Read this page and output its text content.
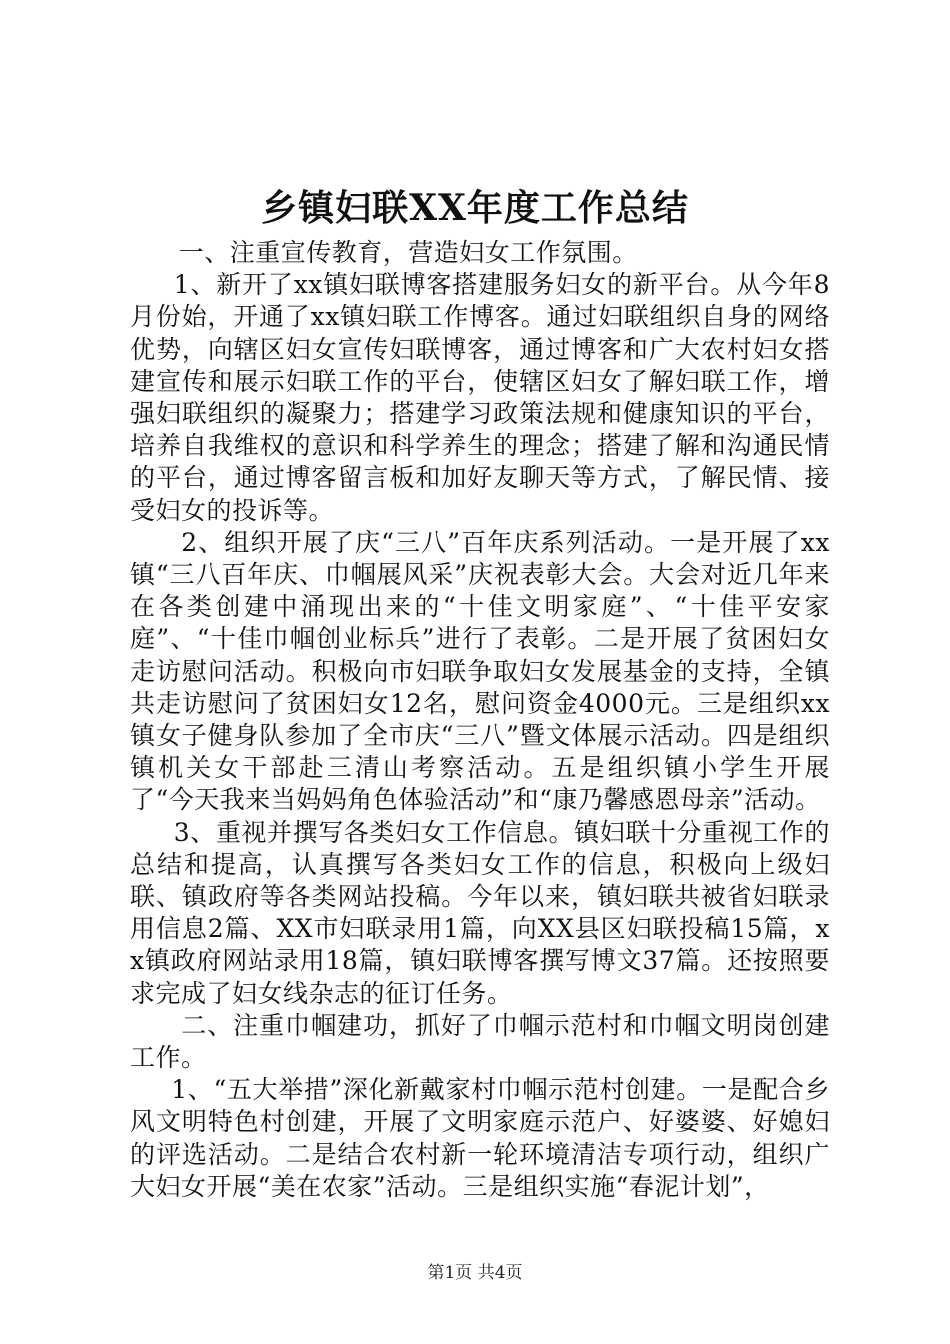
乡镇妇联XX年度工作总结

一、注重宣传教育，营造妇女工作氛围。

1、新开了xx镇妇联博客搭建服务妇女的新平台。从今年8月份始，开通了xx镇妇联工作博客。通过妇联组织自身的网络优势，向辖区妇女宣传妇联博客，通过博客和广大农村妇女搭建宣传和展示妇联工作的平台，使辖区妇女了解妇联工作，增强妇联组织的凝聚力；搭建学习政策法规和健康知识的平台，培养自我维权的意识和科学养生的理念；搭建了解和沟通民情的平台，通过博客留言板和加好友聊天等方式，了解民情、接受妇女的投诉等。

2、组织开展了庆“三八”百年庆系列活动。一是开展了xx镇“三八百年庆、巾帼展风采”庆祝表彰大会。大会对近几年来在各类创建中涌现出来的“十佳文明家庭”、“十佳平安家庭”、“十佳巾帼创业标兵”进行了表彰。二是开展了贫困妇女走访慰问活动。积极向市妇联争取妇女发展基金的支持，全镇共走访慰问了贫困妇女12名，慰问资金4000元。三是组织xx镇女子健身队参加了全市庆“三八”暨文体展示活动。四是组织镇机关女干部赴三清山考察活动。五是组织镇小学生开展了“今天我来当妈妈角色体验活动”和“康乃馨感恩母亲”活动。

3、重视并撰写各类妇女工作信息。镇妇联十分重视工作的总结和提高，认真撰写各类妇女工作的信息，积极向上级妇联、镇政府等各类网站投稿。今年以来，镇妇联共被省妇联录用信息2篇、XX市妇联录用1篇，向XX县区妇联投稿15篇，xx镇政府网站录用18篇，镇妇联博客撰写博文37篇。还按照要求完成了妇女线杂志的征订任务。

二、注重巾帼建功，抓好了巾帼示范村和巾帼文明岗创建工作。

1、“五大举措”深化新戴家村巾帼示范村创建。一是配合乡风文明特色村创建，开展了文明家庭示范户、好婆婆、好媳妇的评选活动。二是结合农村新一轮环境清洁专项行动，组织广大妇女开展“美在农家”活动。三是组织实施“春泥计划”，

第1页 共4页
